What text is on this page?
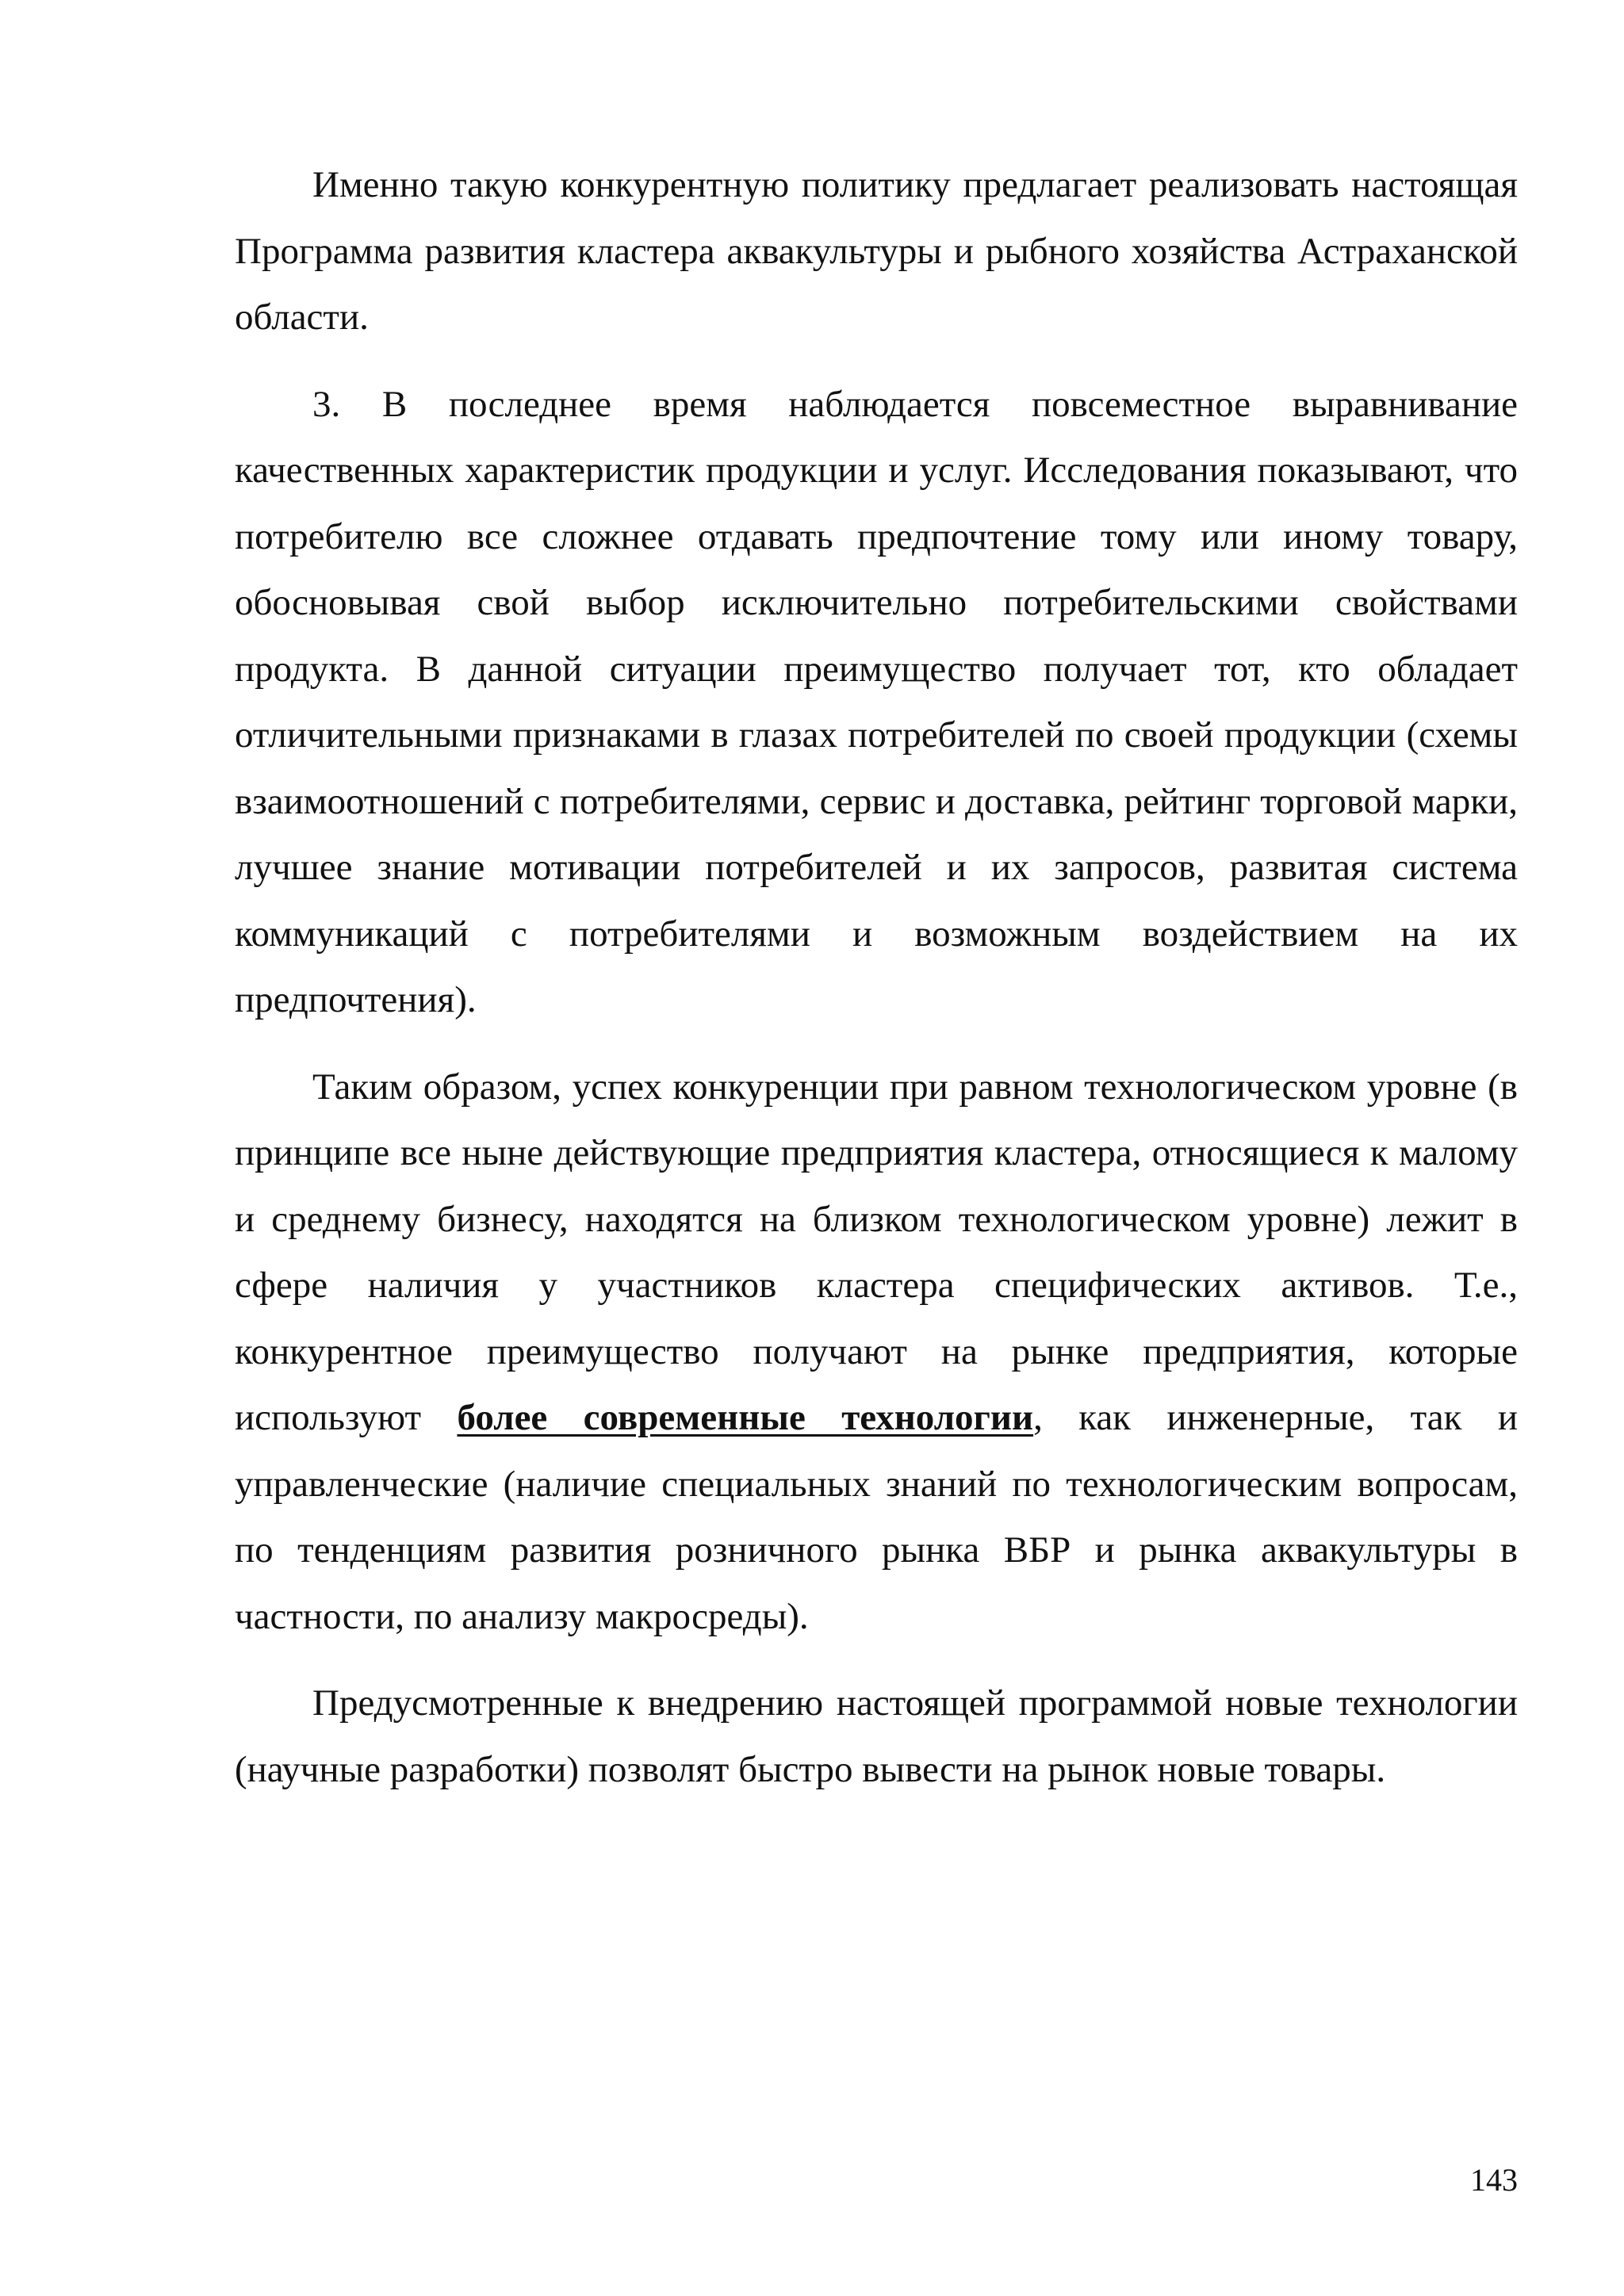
Именно такую конкурентную политику предлагает реализовать настоящая Программа развития кластера аквакультуры и рыбного хозяйства Астраханской области.

3. В последнее время наблюдается повсеместное выравнивание качественных характеристик продукции и услуг. Исследования показывают, что потребителю все сложнее отдавать предпочтение тому или иному товару, обосновывая свой выбор исключительно потребительскими свойствами продукта. В данной ситуации преимущество получает тот, кто обладает отличительными признаками в глазах потребителей по своей продукции (схемы взаимоотношений с потребителями, сервис и доставка, рейтинг торговой марки, лучшее знание мотивации потребителей и их запросов, развитая система коммуникаций с потребителями и возможным воздействием на их предпочтения).

Таким образом, успех конкуренции при равном технологическом уровне (в принципе все ныне действующие предприятия кластера, относящиеся к малому и среднему бизнесу, находятся на близком технологическом уровне) лежит в сфере наличия у участников кластера специфических активов. Т.е., конкурентное преимущество получают на рынке предприятия, которые используют более современные технологии, как инженерные, так и управленческие (наличие специальных знаний по технологическим вопросам, по тенденциям развития розничного рынка ВБР и рынка аквакультуры в частности, по анализу макросреды).

Предусмотренные к внедрению настоящей программой новые технологии (научные разработки) позволят быстро вывести на рынок новые товары.

143
